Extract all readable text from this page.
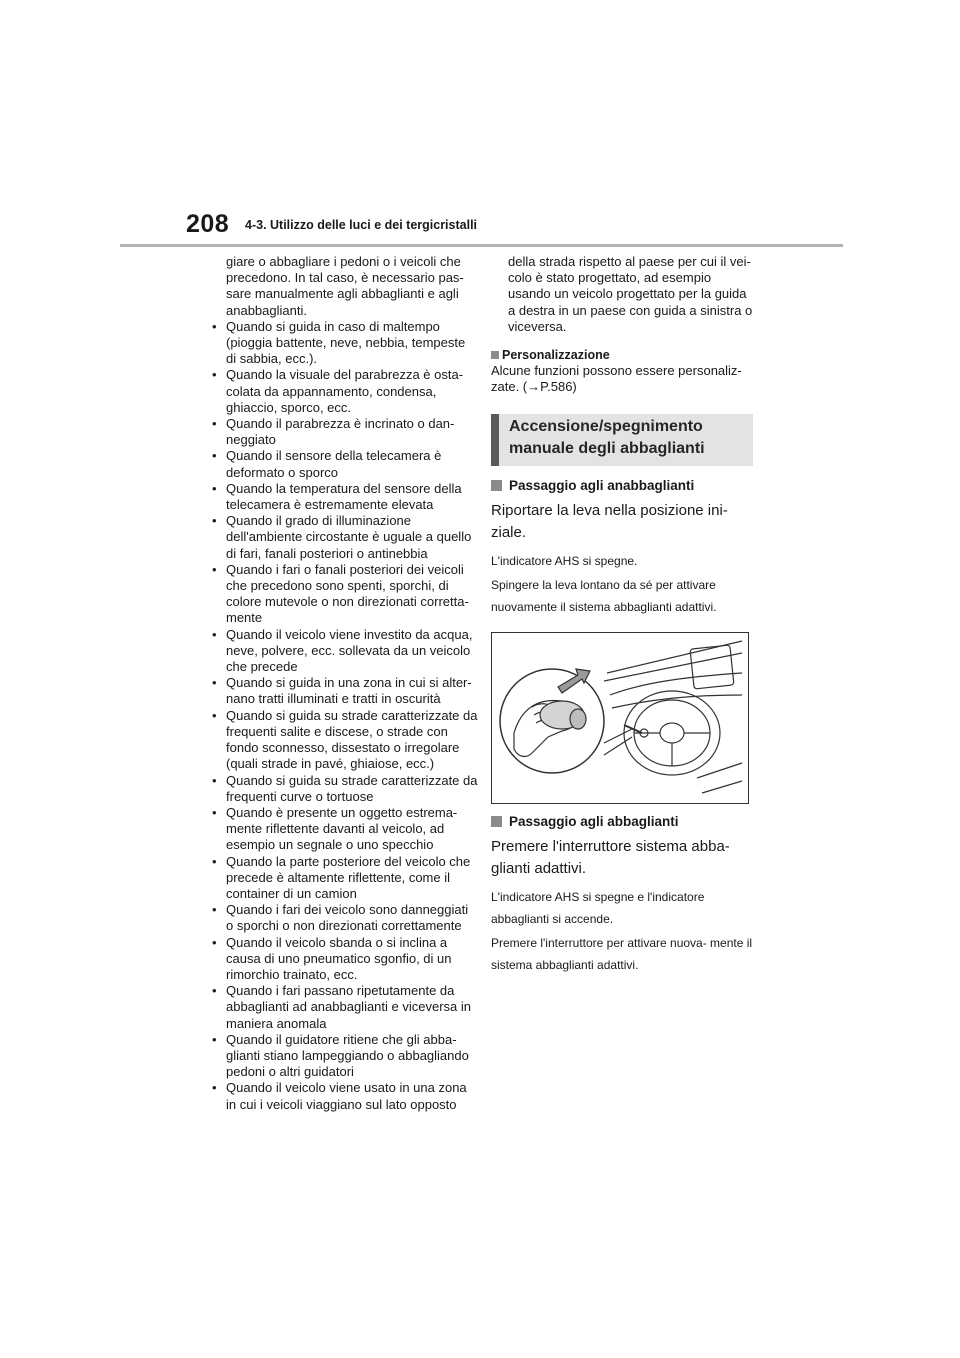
208 4-3. Utilizzo delle luci e dei tergicristalli
giare o abbagliare i pedoni o i veicoli che
precedono. In tal caso, è necessario pas-
sare manualmente agli abbaglianti e agli
anabbaglianti.
• Quando si guida in caso di maltempo (pioggia battente, neve, nebbia, tempeste di sabbia, ecc.).
• Quando la visuale del parabrezza è osta- colata da appannamento, condensa, ghiaccio, sporco, ecc.
• Quando il parabrezza è incrinato o dan- neggiato
• Quando il sensore della telecamera è deformato o sporco
• Quando la temperatura del sensore della telecamera è estremamente elevata
• Quando il grado di illuminazione dell'ambiente circostante è uguale a quello di fari, fanali posteriori o antinebbia
• Quando i fari o fanali posteriori dei veicoli che precedono sono spenti, sporchi, di colore mutevole o non direzionati corretta- mente
• Quando il veicolo viene investito da acqua, neve, polvere, ecc. sollevata da un veicolo che precede
• Quando si guida in una zona in cui si alter- nano tratti illuminati e tratti in oscurità
• Quando si guida su strade caratterizzate da frequenti salite e discese, o strade con fondo sconnesso, dissestato o irregolare (quali strade in pavé, ghiaiose, ecc.)
• Quando si guida su strade caratterizzate da frequenti curve o tortuose
• Quando è presente un oggetto estrema- mente riflettente davanti al veicolo, ad esempio un segnale o uno specchio
• Quando la parte posteriore del veicolo che precede è altamente riflettente, come il container di un camion
• Quando i fari dei veicolo sono danneggiati o sporchi o non direzionati correttamente
• Quando il veicolo sbanda o si inclina a causa di uno pneumatico sgonfio, di un rimorchio trainato, ecc.
• Quando i fari passano ripetutamente da abbaglianti ad anabbaglianti e viceversa in maniera anomala
• Quando il guidatore ritiene che gli abba- glianti stiano lampeggiando o abbagliando pedoni o altri guidatori
• Quando il veicolo viene usato in una zona in cui i veicoli viaggiano sul lato opposto

della strada rispetto al paese per cui il vei- colo è stato progettato, ad esempio usando un veicolo progettato per la guida a destra in un paese con guida a sinistra o viceversa.

Personalizzazione

Alcune funzioni possono essere personaliz- zate. (→P.586)

Accensione/spegnimento
manuale degli abbaglianti
Passaggio agli anabbaglianti
Riportare la leva nella posizione ini- ziale.
L'indicatore AHS si spegne.
Spingere la leva lontano da sé per attivare nuovamente il sistema abbaglianti adattivi.
Passaggio agli abbaglianti
Premere l'interruttore sistema abba- glianti adattivi.
L'indicatore AHS si spegne e l'indicatore abbaglianti si accende.
Premere l'interruttore per attivare nuova- mente il sistema abbaglianti adattivi.
